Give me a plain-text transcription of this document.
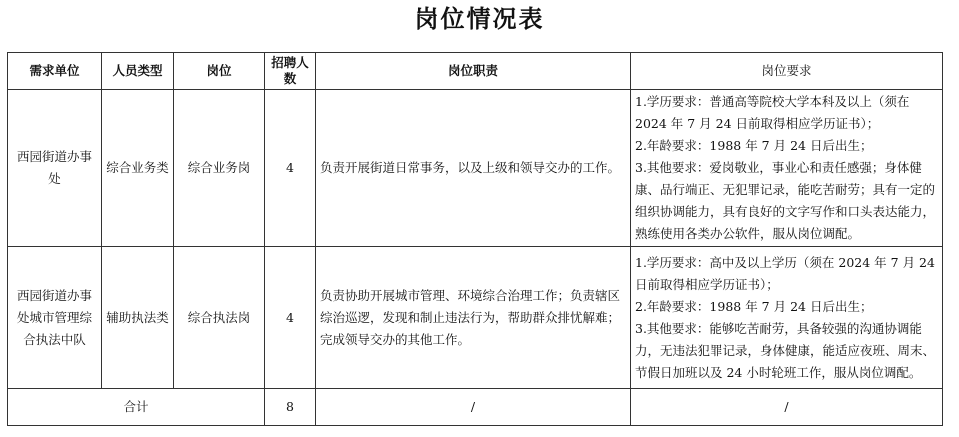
岗位情况表
需求单位	人员类型	岗位	招聘人数	岗位职责	岗位要求
西园街道办事处	综合业务类	综合业务岗	4	负责开展街道日常事务，以及上级和领导交办的工作。	1.学历要求：普通高等院校大学本科及以上（须在 2024 年 7 月 24 日前取得相应学历证书）；
2.年龄要求：1988 年 7 月 24 日后出生；
3.其他要求：爱岗敬业，事业心和责任感强；身体健康、品行端正、无犯罪记录，能吃苦耐劳；具有一定的组织协调能力，具有良好的文字写作和口头表达能力，熟练使用各类办公软件，服从岗位调配。

西园街道办事处城市管理综合执法中队	辅助执法类	综合执法岗	4	负责协助开展城市管理、环境综合治理工作；负责辖区综治巡逻，发现和制止违法行为，帮助群众排忧解难；完成领导交办的其他工作。	1.学历要求：高中及以上学历（须在 2024 年 7 月 24 日前取得相应学历证书）；
2.年龄要求：1988 年 7 月 24 日后出生；
3.其他要求：能够吃苦耐劳，具备较强的沟通协调能力，无违法犯罪记录，身体健康，能适应夜班、周末、节假日加班以及 24 小时轮班工作，服从岗位调配。

合计			8	/	/
